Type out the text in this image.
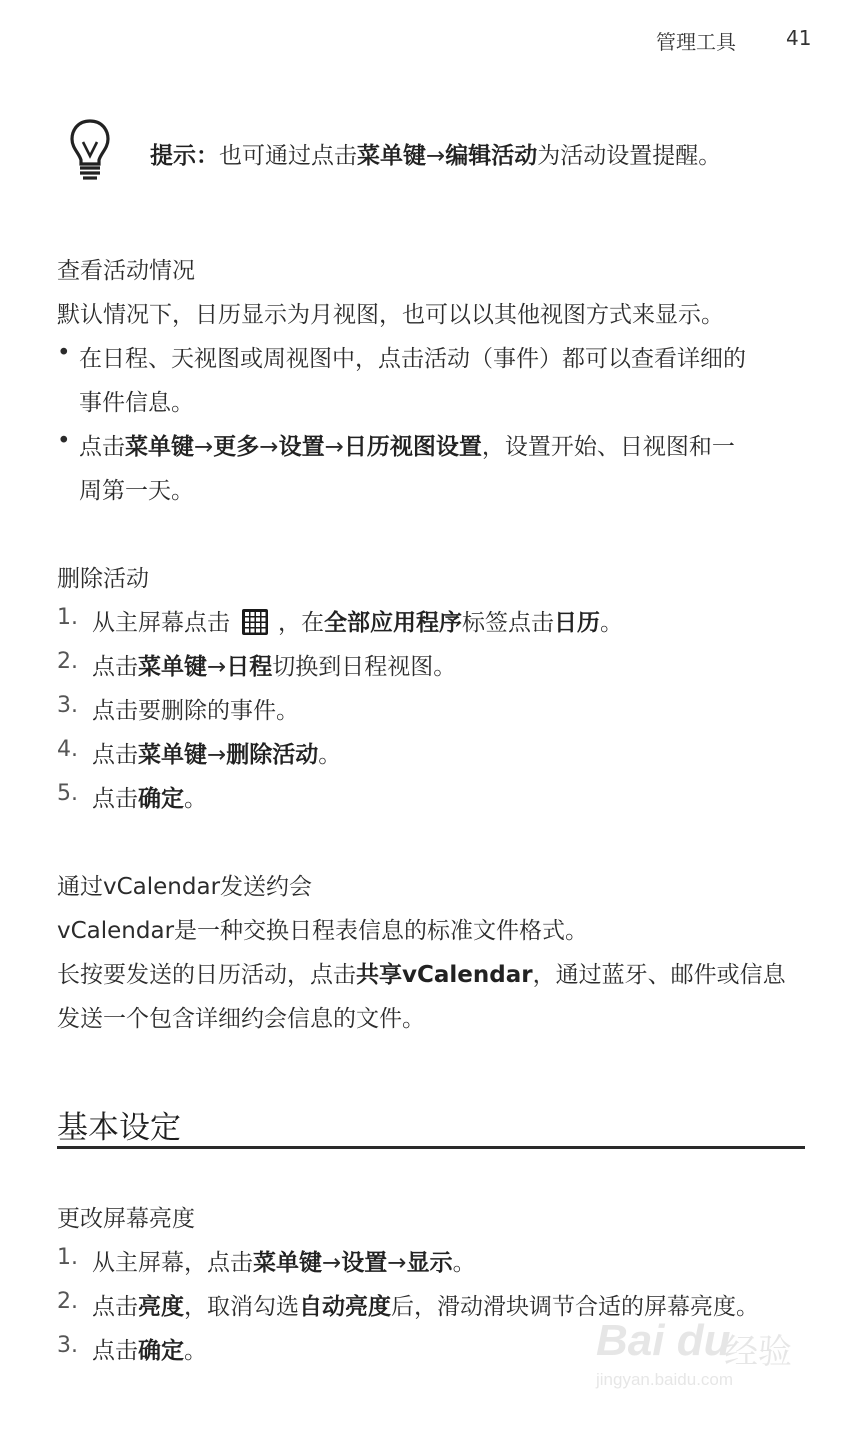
管理工具	41
提示：也可通过点击菜单键→编辑活动为活动设置提醒。
查看活动情况
默认情况下，日历显示为月视图，也可以以其他视图方式来显示。
• 在日程、天视图或周视图中，点击活动（事件）都可以查看详细的
事件信息。
• 点击菜单键→更多→设置→日历视图设置，设置开始、日视图和一
周第一天。
删除活动
1. 从主屏幕点击 ，在全部应用程序标签点击日历。
2. 点击菜单键→日程切换到日程视图。
3. 点击要删除的事件。
4. 点击菜单键→删除活动。
5. 点击确定。
通过vCalendar发送约会
vCalendar是一种交换日程表信息的标准文件格式。
长按要发送的日历活动，点击共享vCalendar，通过蓝牙、邮件或信息
发送一个包含详细约会信息的文件。
基本设定
更改屏幕亮度
1. 从主屏幕，点击菜单键→设置→显示。
2. 点击亮度，取消勾选自动亮度后，滑动滑块调节合适的屏幕亮度。
3. 点击确定。	Bai du
经验
jingyan.baidu.com
